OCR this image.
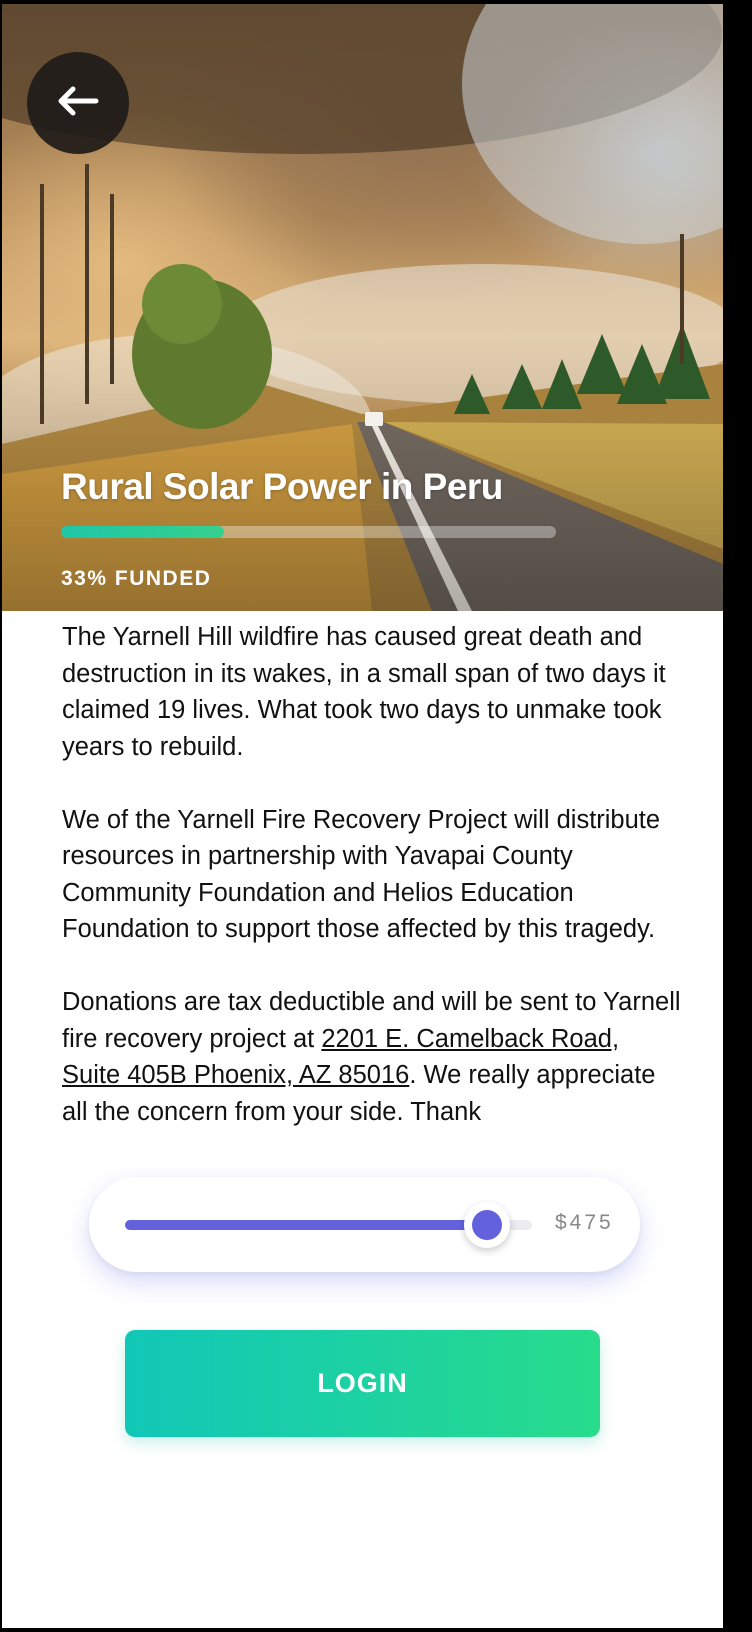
Rural Solar Power in Peru
33% FUNDED

The Yarnell Hill wildfire has caused great death and destruction in its wakes, in a small span of two days it claimed 19 lives. What took two days to unmake took years to rebuild.

We of the Yarnell Fire Recovery Project will distribute resources in partnership with Yavapai County Community Foundation and Helios Education Foundation to support those affected by this tragedy.

Donations are tax deductible and will be sent to Yarnell fire recovery project at 2201 E. Camelback Road, Suite 405B Phoenix, AZ 85016. We really appreciate all the concern from your side. Thank

$475
LOGIN
